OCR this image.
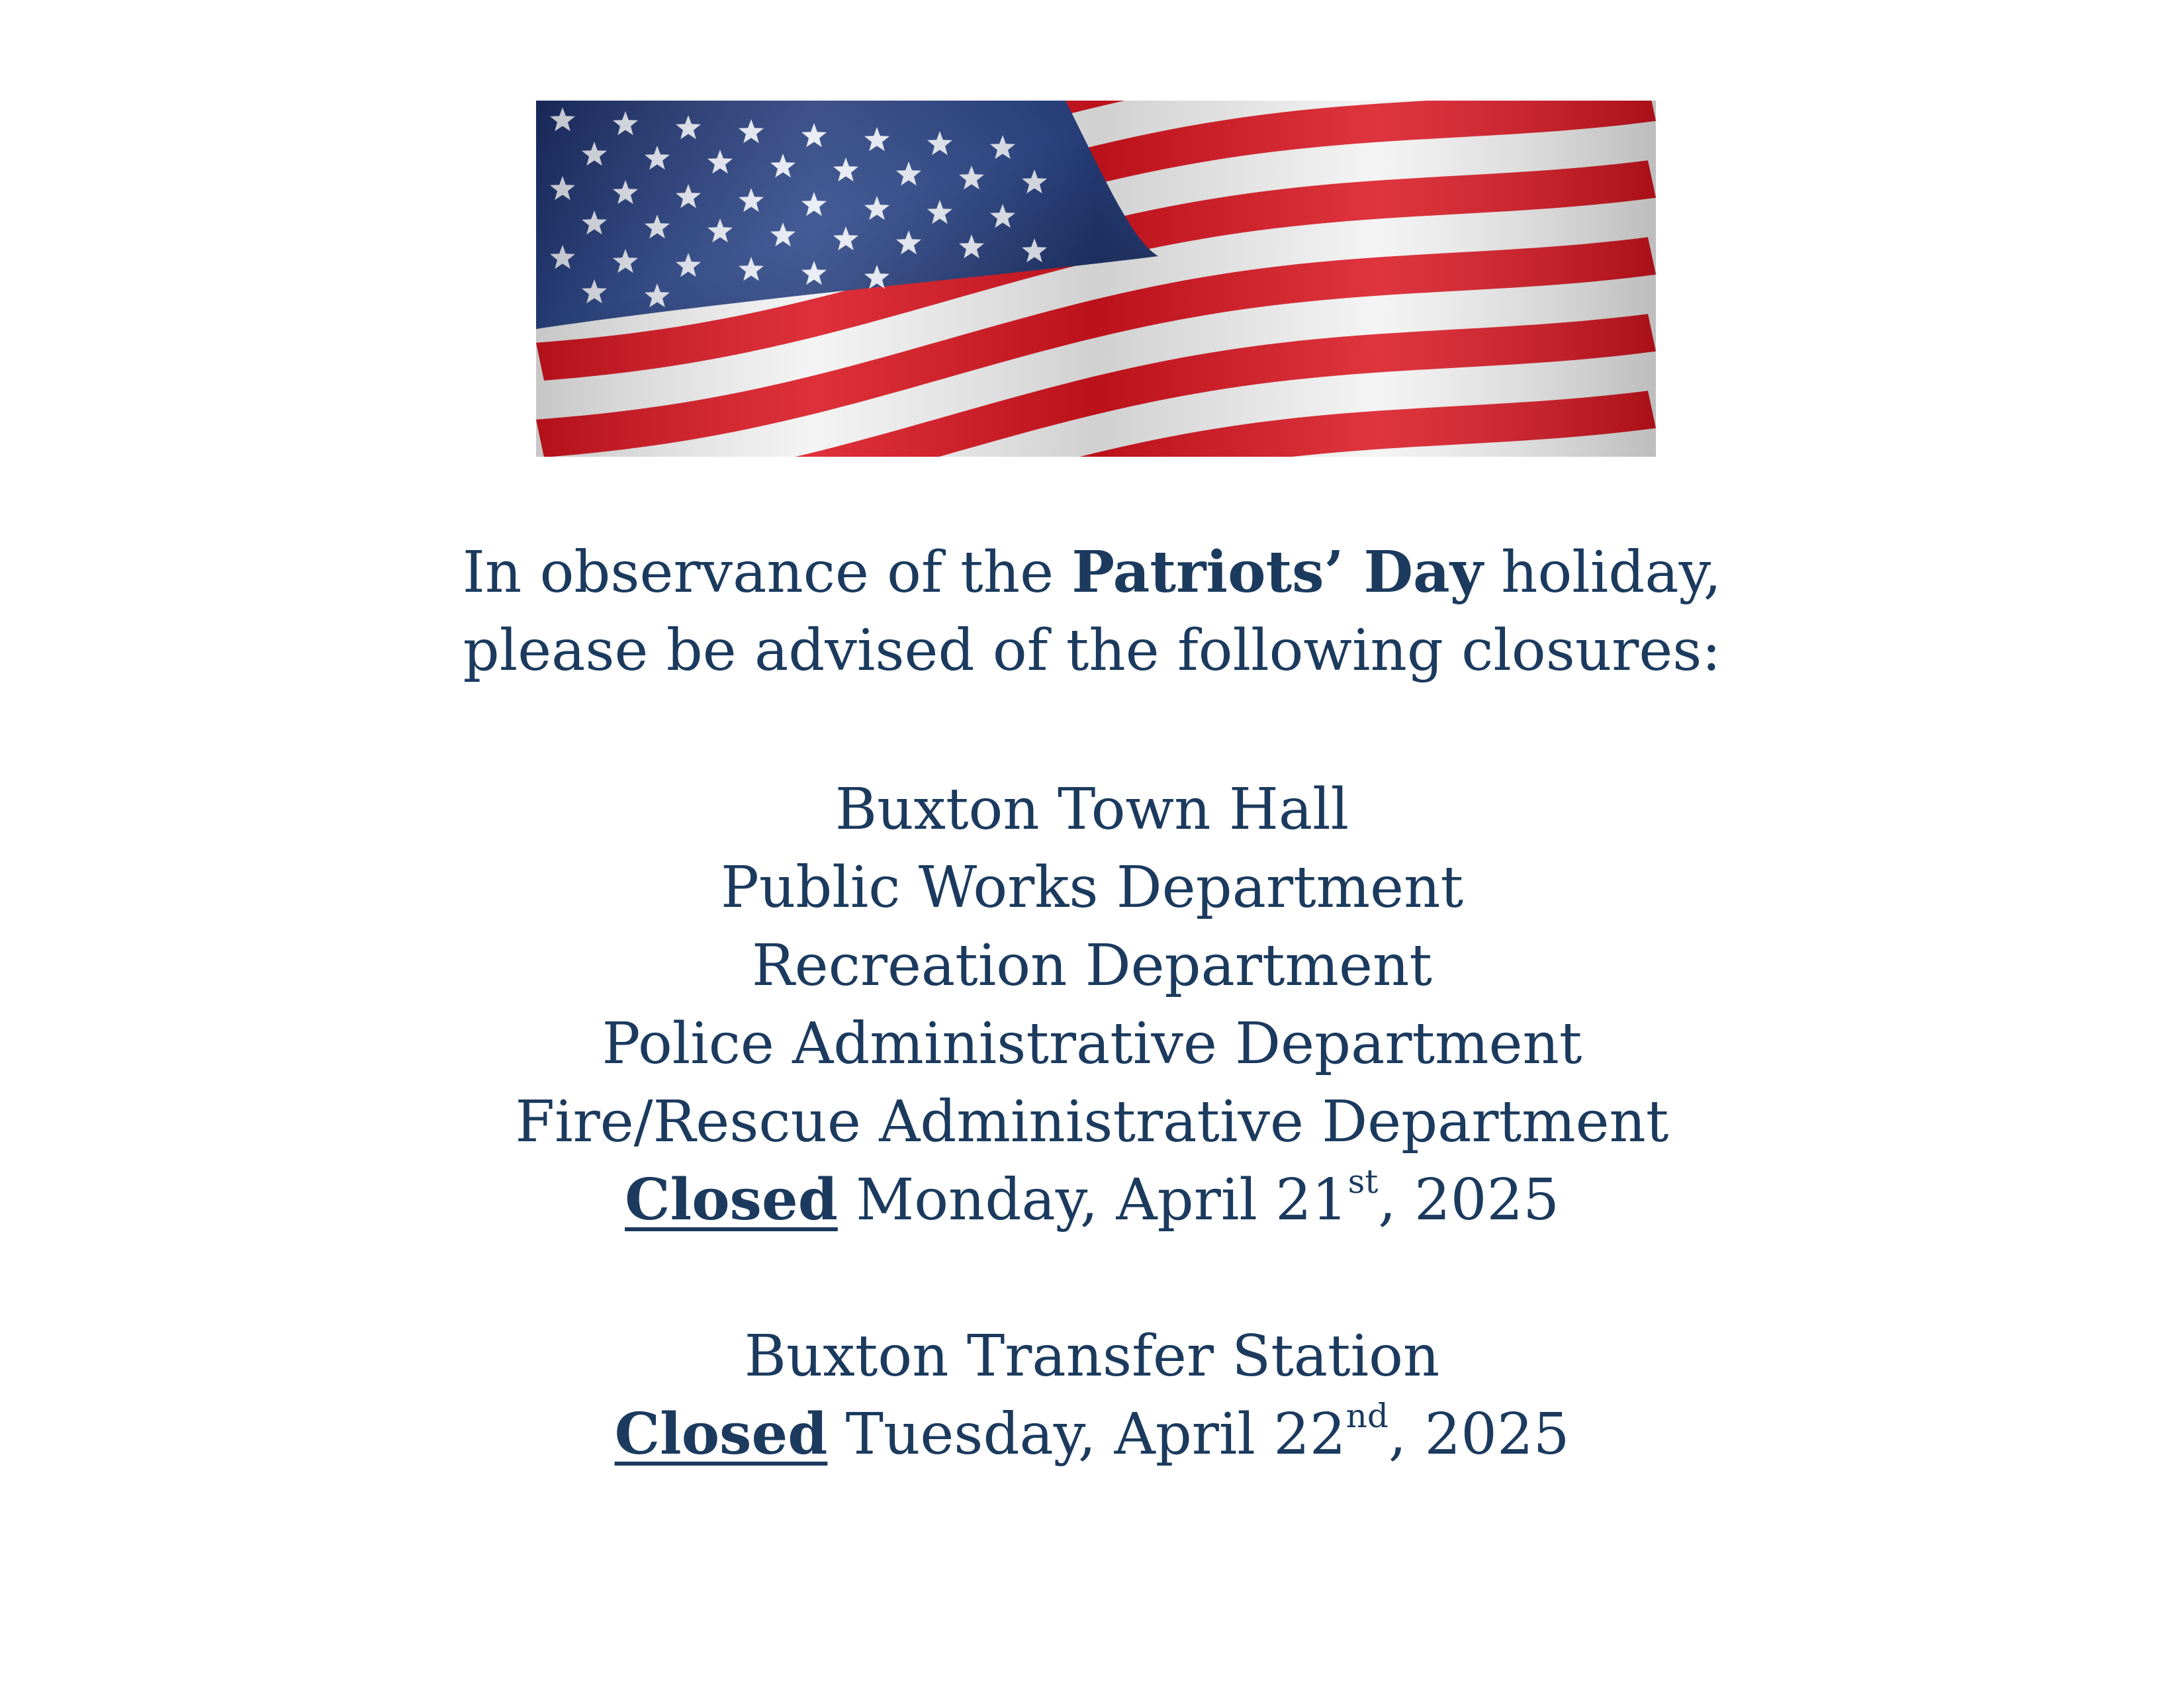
In observance of the Patriots’ Day holiday,
please be advised of the following closures:
Buxton Town Hall
Public Works Department
Recreation Department
Police Administrative Department
Fire/Rescue Administrative Department
Closed Monday, April 21st, 2025
Buxton Transfer Station
Closed Tuesday, April 22nd, 2025
